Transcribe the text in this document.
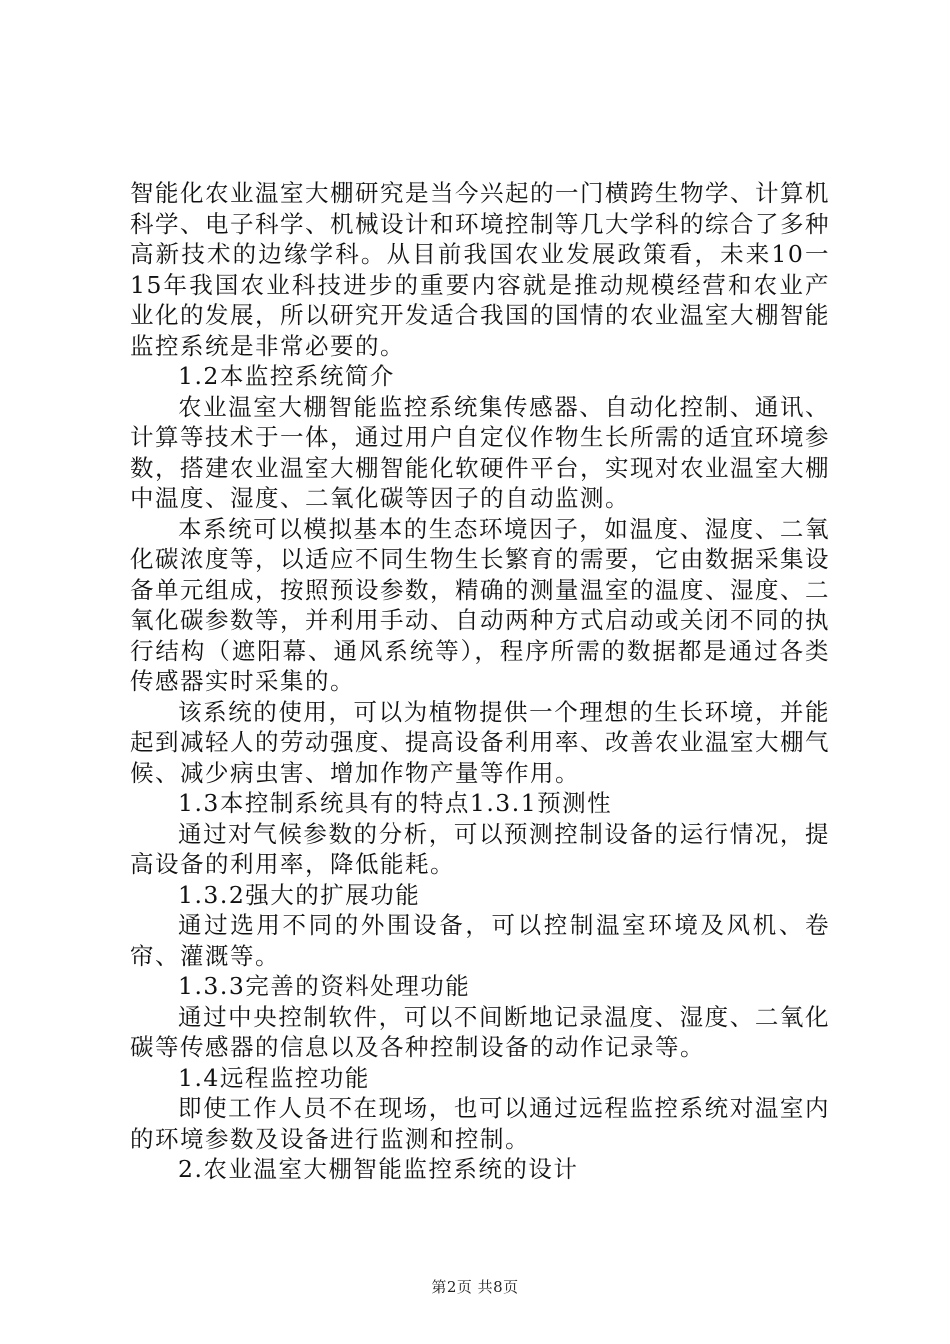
智能化农业温室大棚研究是当今兴起的一门横跨生物学、计算机科学、电子科学、机械设计和环境控制等几大学科的综合了多种高新技术的边缘学科。从目前我国农业发展政策看，未来10一15年我国农业科技进步的重要内容就是推动规模经营和农业产业化的发展，所以研究开发适合我国的国情的农业温室大棚智能监控系统是非常必要的。

1.2本监控系统简介

农业温室大棚智能监控系统集传感器、自动化控制、通讯、计算等技术于一体，通过用户自定仪作物生长所需的适宜环境参数，搭建农业温室大棚智能化软硬件平台，实现对农业温室大棚中温度、湿度、二氧化碳等因子的自动监测。

本系统可以模拟基本的生态环境因子，如温度、湿度、二氧化碳浓度等，以适应不同生物生长繁育的需要，它由数据采集设备单元组成，按照预设参数，精确的测量温室的温度、湿度、二氧化碳参数等，并利用手动、自动两种方式启动或关闭不同的执行结构（遮阳幕、通风系统等），程序所需的数据都是通过各类传感器实时采集的。

该系统的使用，可以为植物提供一个理想的生长环境，并能起到减轻人的劳动强度、提高设备利用率、改善农业温室大棚气候、减少病虫害、增加作物产量等作用。

1.3本控制系统具有的特点1.3.1预测性

通过对气候参数的分析，可以预测控制设备的运行情况，提高设备的利用率，降低能耗。

1.3.2强大的扩展功能

通过选用不同的外围设备，可以控制温室环境及风机、卷帘、灌溉等。

1.3.3完善的资料处理功能

通过中央控制软件，可以不间断地记录温度、湿度、二氧化碳等传感器的信息以及各种控制设备的动作记录等。

1.4远程监控功能

即使工作人员不在现场，也可以通过远程监控系统对温室内的环境参数及设备进行监测和控制。

2.农业温室大棚智能监控系统的设计

第2页 共8页
